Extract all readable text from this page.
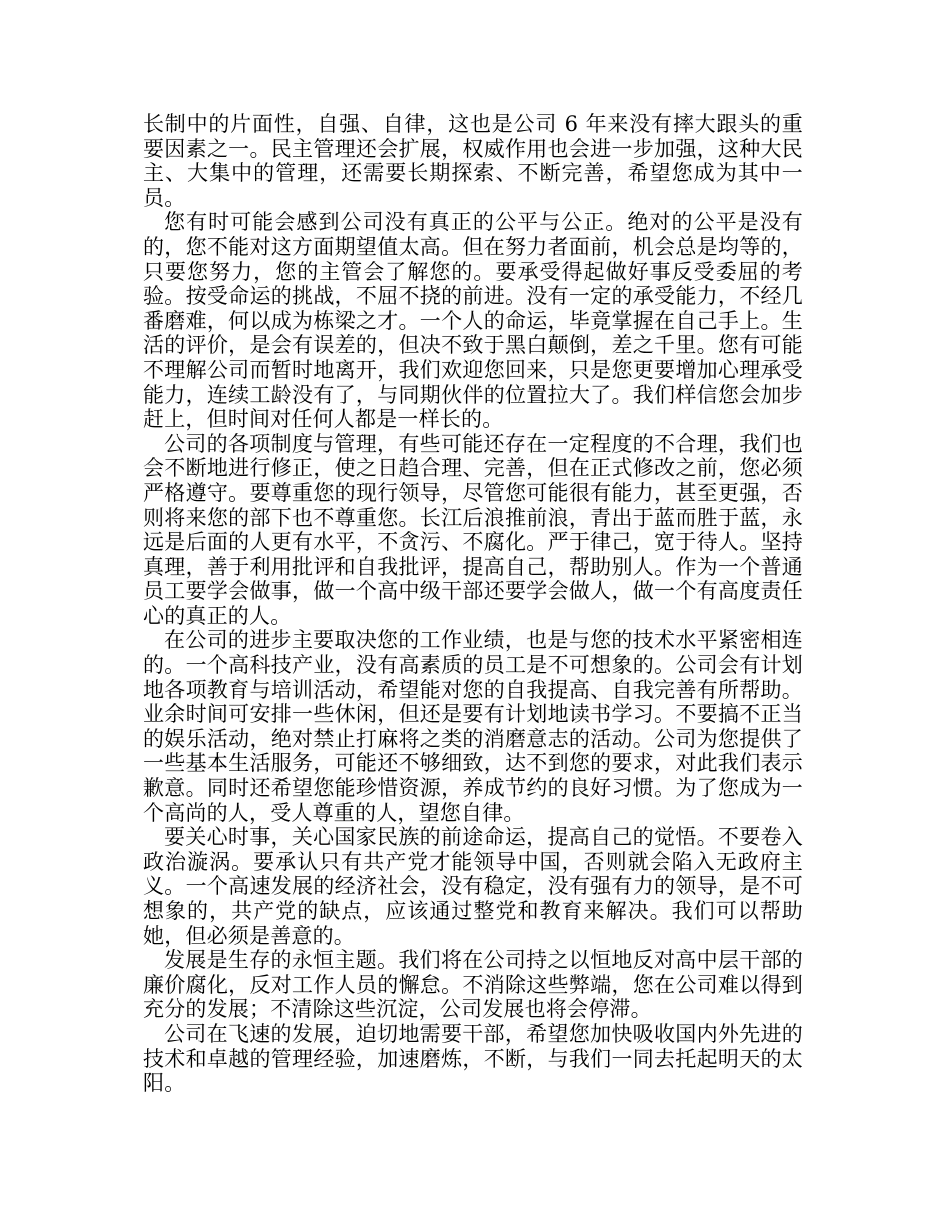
长制中的片面性，自强、自律，这也是公司 6 年来没有摔大跟头的重要因素之一。民主管理还会扩展，权威作用也会进一步加强，这种大民主、大集中的管理，还需要长期探索、不断完善，希望您成为其中一员。

您有时可能会感到公司没有真正的公平与公正。绝对的公平是没有的，您不能对这方面期望值太高。但在努力者面前，机会总是均等的，只要您努力，您的主管会了解您的。要承受得起做好事反受委屈的考验。按受命运的挑战，不屈不挠的前进。没有一定的承受能力，不经几番磨难，何以成为栋梁之才。一个人的命运，毕竟掌握在自己手上。生活的评价，是会有误差的，但决不致于黑白颠倒，差之千里。您有可能不理解公司而暂时地离开，我们欢迎您回来，只是您更要增加心理承受能力，连续工龄没有了，与同期伙伴的位置拉大了。我们样信您会加步赶上，但时间对任何人都是一样长的。

公司的各项制度与管理，有些可能还存在一定程度的不合理，我们也会不断地进行修正，使之日趋合理、完善，但在正式修改之前，您必须严格遵守。要尊重您的现行领导，尽管您可能很有能力，甚至更强，否则将来您的部下也不尊重您。长江后浪推前浪，青出于蓝而胜于蓝，永远是后面的人更有水平，不贪污、不腐化。严于律己，宽于待人。坚持真理，善于利用批评和自我批评，提高自己，帮助别人。作为一个普通员工要学会做事，做一个高中级干部还要学会做人，做一个有高度责任心的真正的人。

在公司的进步主要取决您的工作业绩，也是与您的技术水平紧密相连的。一个高科技产业，没有高素质的员工是不可想象的。公司会有计划地各项教育与培训活动，希望能对您的自我提高、自我完善有所帮助。业余时间可安排一些休闲，但还是要有计划地读书学习。不要搞不正当的娱乐活动，绝对禁止打麻将之类的消磨意志的活动。公司为您提供了一些基本生活服务，可能还不够细致，达不到您的要求，对此我们表示歉意。同时还希望您能珍惜资源，养成节约的良好习惯。为了您成为一个高尚的人，受人尊重的人，望您自律。

要关心时事，关心国家民族的前途命运，提高自己的觉悟。不要卷入政治漩涡。要承认只有共产党才能领导中国，否则就会陷入无政府主义。一个高速发展的经济社会，没有稳定，没有强有力的领导，是不可想象的，共产党的缺点，应该通过整党和教育来解决。我们可以帮助她，但必须是善意的。

发展是生存的永恒主题。我们将在公司持之以恒地反对高中层干部的廉价腐化，反对工作人员的懈怠。不消除这些弊端，您在公司难以得到充分的发展；不清除这些沉淀，公司发展也将会停滞。

公司在飞速的发展，迫切地需要干部，希望您加快吸收国内外先进的技术和卓越的管理经验，加速磨炼，不断，与我们一同去托起明天的太阳。
